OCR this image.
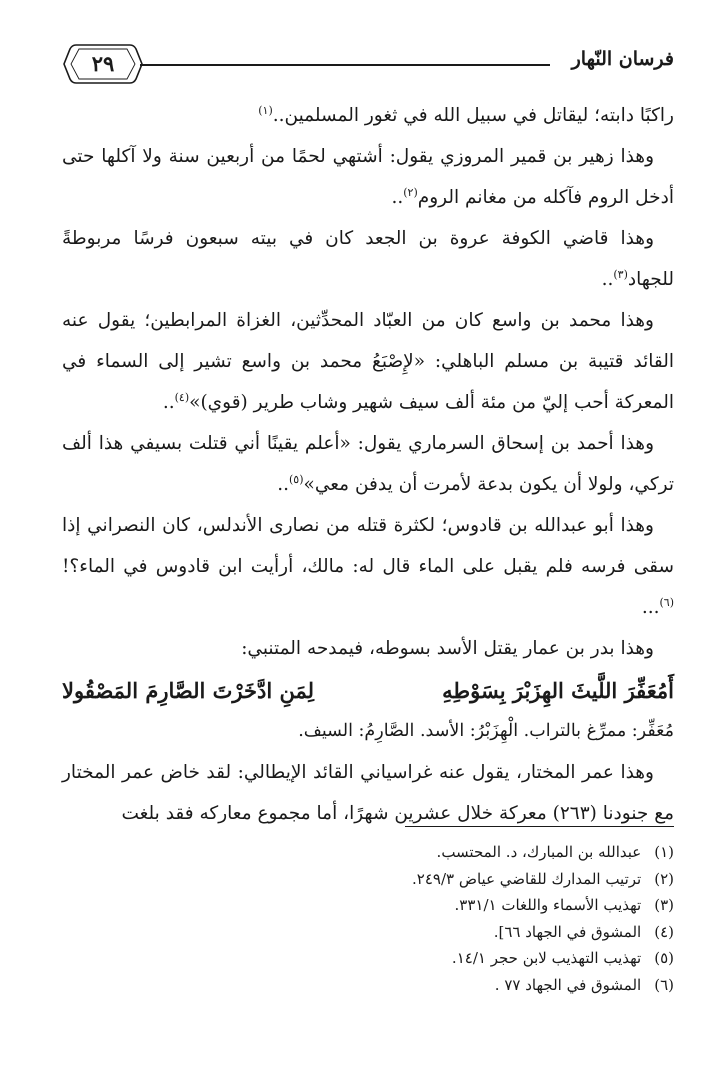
فرسان النّهار
٢٩

راكبًا دابته؛ ليقاتل في سبيل الله في ثغور المسلمين..$^{(١)}$

وهذا زهير بن قمير المروزي يقول: أشتهي لحمًا من أربعين سنة ولا آكلها حتى أدخل الروم فآكله من مغانم الروم$^{(٢)}$..

وهذا قاضي الكوفة عروة بن الجعد كان في بيته سبعون فرسًا مربوطةً للجهاد$^{(٣)}$..

وهذا محمد بن واسع كان من العبّاد المحدِّثين، الغزاة المرابطين؛ يقول عنه القائد قتيبة بن مسلم الباهلي: «لإِصْبَعُ محمد بن واسع تشير إلى السماء في المعركة أحب إليّ من مئة ألف سيف شهير وشاب طرير (قوي)»$^{(٤)}$..

وهذا أحمد بن إسحاق السرماري يقول: «أعلم يقينًا أني قتلت بسيفي هذا ألف تركي، ولولا أن يكون بدعة لأمرت أن يدفن معي»$^{(٥)}$..

وهذا أبو عبدالله بن قادوس؛ لكثرة قتله من نصارى الأندلس، كان النصراني إذا سقى فرسه فلم يقبل على الماء قال له: مالك، أرأيت ابن قادوس في الماء؟!$^{(٦)}$...

وهذا بدر بن عمار يقتل الأسد بسوطه، فيمدحه المتنبي:

أَمُعَفِّرَ اللَّيثَ الهِزَبْرَ بِسَوْطِهِ
لِمَنِ ادَّخَرْتَ الصَّارِمَ المَصْقُولا

مُعَفِّر: ممرِّغ بالتراب. الْهِزَبْرُ: الأسد. الصَّارِمُ: السيف.

وهذا عمر المختار، يقول عنه غراسياني القائد الإيطالي: لقد خاض عمر المختار مع جنودنا (٢٦٣) معركة خلال عشرين شهرًا، أما مجموع معاركه فقد بلغت

(١) عبدالله بن المبارك، د. المحتسب.
(٢) ترتيب المدارك للقاضي عياض ٢٤٩/٣.
(٣) تهذيب الأسماء واللغات ٣٣١/١.
(٤) المشوق في الجهاد ٦٦].
(٥) تهذيب التهذيب لابن حجر ١٤/١.
(٦) المشوق في الجهاد ٧٧ .
